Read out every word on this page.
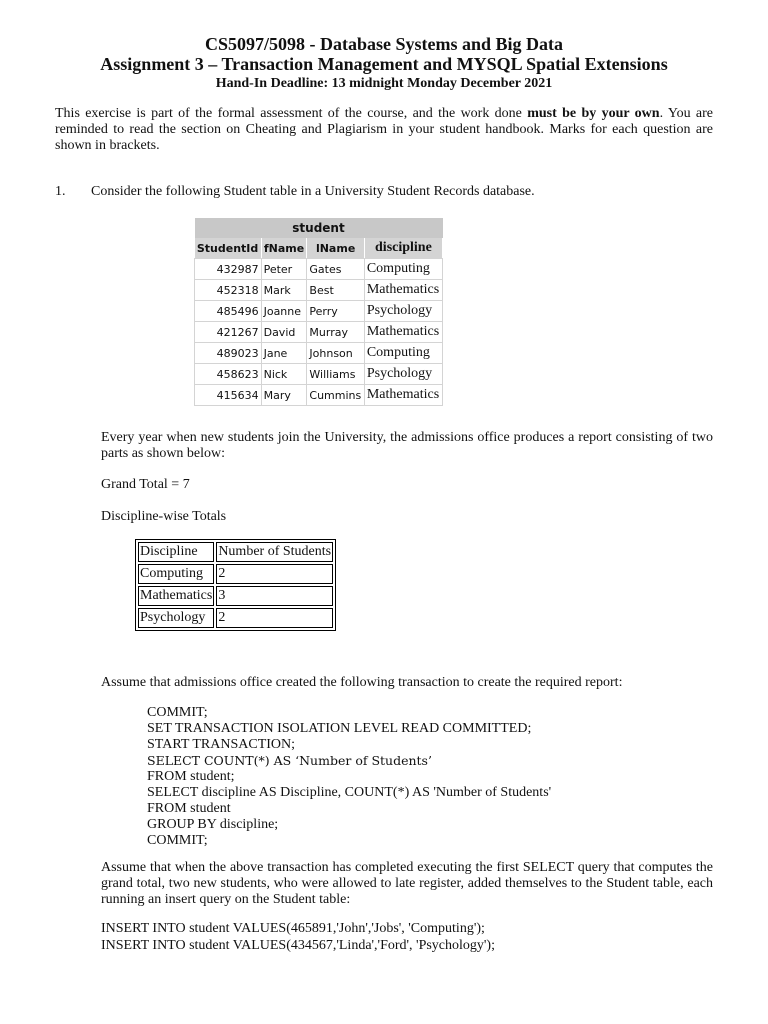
CS5097/5098 - Database Systems and Big Data
Assignment 3 – Transaction Management and MYSQL Spatial Extensions
Hand-In Deadline: 13 midnight Monday December 2021
This exercise is part of the formal assessment of the course, and the work done must be by your own. You are reminded to read the section on Cheating and Plagiarism in your student handbook. Marks for each question are shown in brackets.
1. Consider the following Student table in a University Student Records database.
student			
StudentId	fName	lName	discipline
432987	Peter	Gates	Computing
452318	Mark	Best	Mathematics
485496	Joanne	Perry	Psychology
421267	David	Murray	Mathematics
489023	Jane	Johnson	Computing
458623	Nick	Williams	Psychology
415634	Mary	Cummins	Mathematics
Every year when new students join the University, the admissions office produces a report consisting of two parts as shown below:
Grand Total = 7
Discipline-wise Totals
Discipline	Number of Students
Computing	2
Mathematics	3
Psychology	2
Assume that admissions office created the following transaction to create the required report:
COMMIT;
SET TRANSACTION ISOLATION LEVEL READ COMMITTED;
START TRANSACTION;
SELECT COUNT(*) AS ‘Number of Students’
FROM student;
SELECT discipline AS Discipline, COUNT(*) AS 'Number of Students'
FROM student
GROUP BY discipline;
COMMIT;
Assume that when the above transaction has completed executing the first SELECT query that computes the grand total, two new students, who were allowed to late register, added themselves to the Student table, each running an insert query on the Student table:
INSERT INTO student VALUES(465891,'John','Jobs', 'Computing');
INSERT INTO student VALUES(434567,'Linda','Ford', 'Psychology');
